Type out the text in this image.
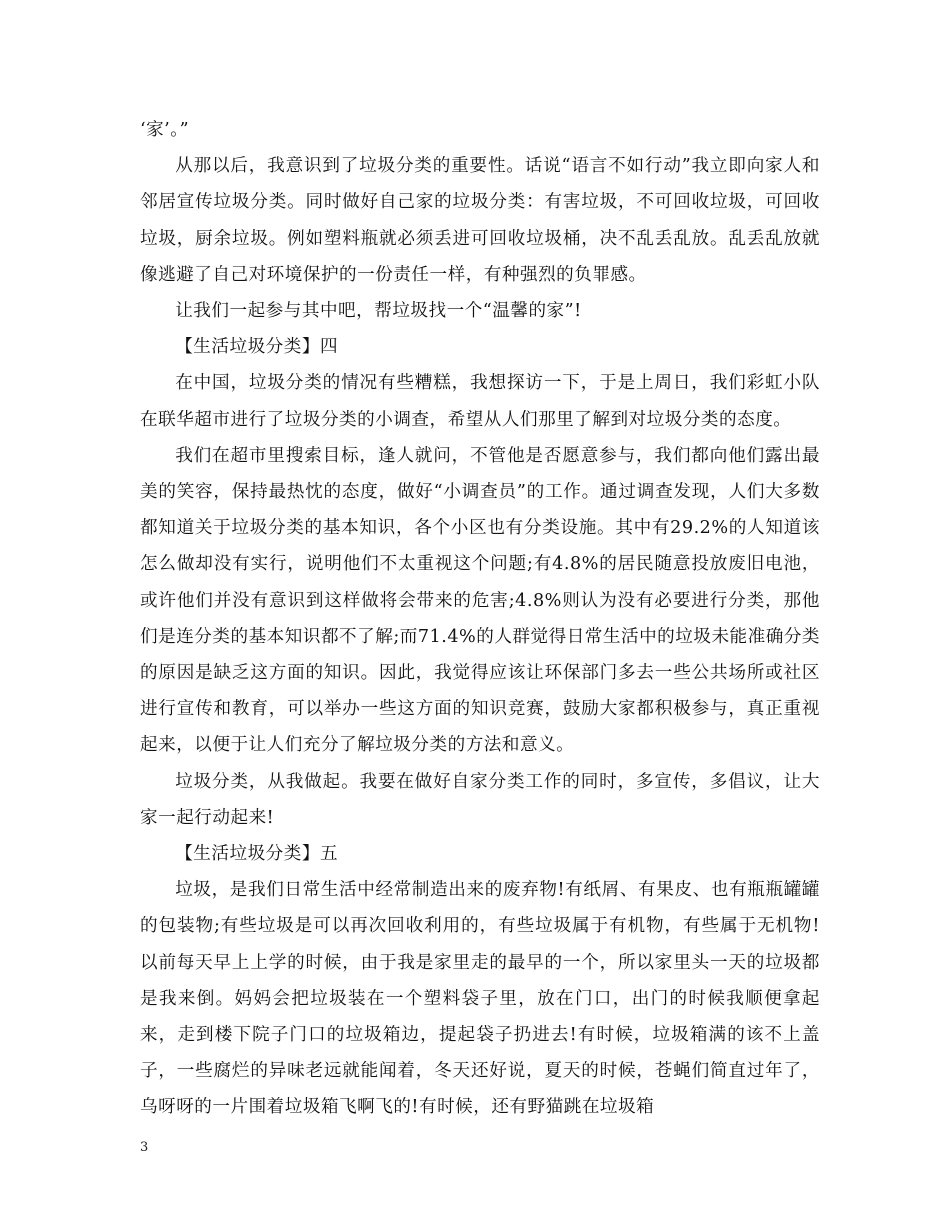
‘家’。”

从那以后，我意识到了垃圾分类的重要性。话说“语言不如行动”我立即向家人和邻居宣传垃圾分类。同时做好自己家的垃圾分类：有害垃圾，不可回收垃圾，可回收垃圾，厨余垃圾。例如塑料瓶就必须丢进可回收垃圾桶，决不乱丢乱放。乱丢乱放就像逃避了自己对环境保护的一份责任一样，有种强烈的负罪感。

让我们一起参与其中吧，帮垃圾找一个“温馨的家”!

【生活垃圾分类】四

在中国，垃圾分类的情况有些糟糕，我想探访一下，于是上周日，我们彩虹小队在联华超市进行了垃圾分类的小调查，希望从人们那里了解到对垃圾分类的态度。

我们在超市里搜索目标，逢人就问，不管他是否愿意参与，我们都向他们露出最美的笑容，保持最热忱的态度，做好“小调查员”的工作。通过调查发现，人们大多数都知道关于垃圾分类的基本知识，各个小区也有分类设施。其中有29.2%的人知道该怎么做却没有实行，说明他们不太重视这个问题;有4.8%的居民随意投放废旧电池，或许他们并没有意识到这样做将会带来的危害;4.8%则认为没有必要进行分类，那他们是连分类的基本知识都不了解;而71.4%的人群觉得日常生活中的垃圾未能准确分类的原因是缺乏这方面的知识。因此，我觉得应该让环保部门多去一些公共场所或社区进行宣传和教育，可以举办一些这方面的知识竞赛，鼓励大家都积极参与，真正重视起来，以便于让人们充分了解垃圾分类的方法和意义。

垃圾分类，从我做起。我要在做好自家分类工作的同时，多宣传，多倡议，让大家一起行动起来!

【生活垃圾分类】五

垃圾，是我们日常生活中经常制造出来的废弃物!有纸屑、有果皮、也有瓶瓶罐罐的包装物;有些垃圾是可以再次回收利用的，有些垃圾属于有机物，有些属于无机物!以前每天早上上学的时候，由于我是家里走的最早的一个，所以家里头一天的垃圾都是我来倒。妈妈会把垃圾装在一个塑料袋子里，放在门口，出门的时候我顺便拿起来，走到楼下院子门口的垃圾箱边，提起袋子扔进去!有时候，垃圾箱满的该不上盖子，一些腐烂的异味老远就能闻着，冬天还好说，夏天的时候，苍蝇们简直过年了，乌呀呀的一片围着垃圾箱飞啊飞的!有时候，还有野猫跳在垃圾箱

3
